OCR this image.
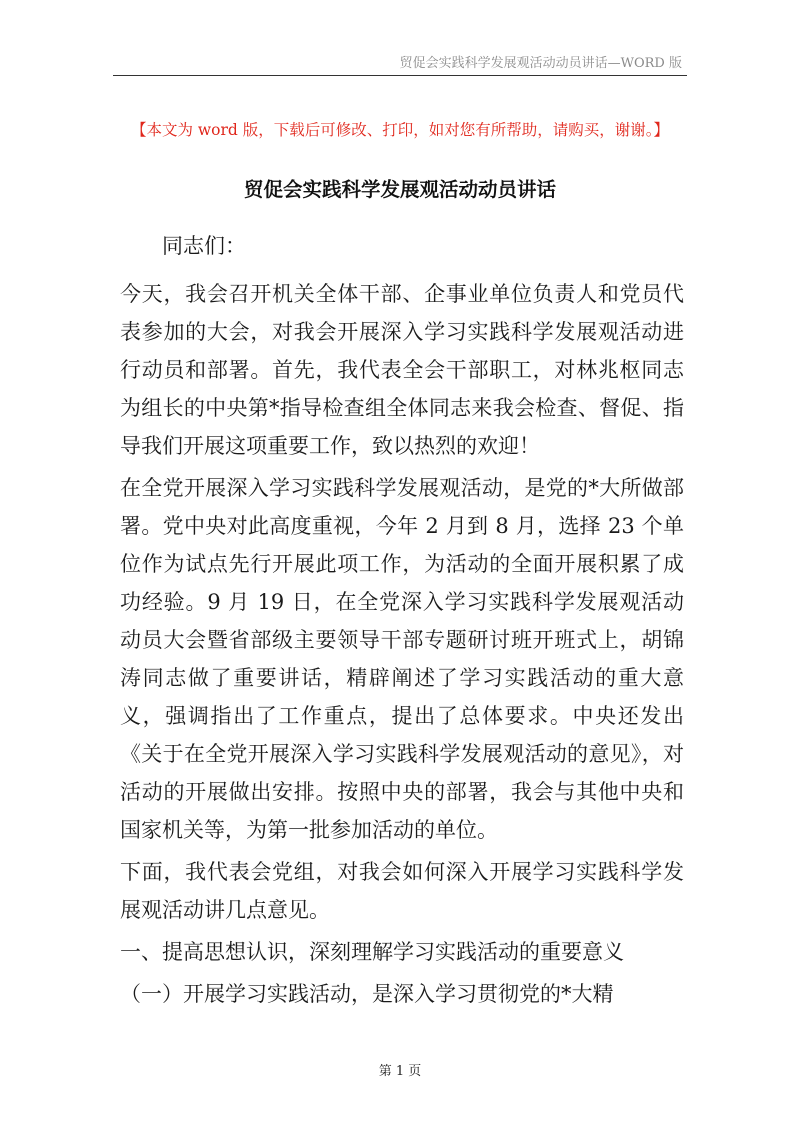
贸促会实践科学发展观活动动员讲话—WORD 版
【本文为 word 版，下载后可修改、打印，如对您有所帮助，请购买，谢谢。】
贸促会实践科学发展观活动动员讲话

同志们：

今天，我会召开机关全体干部、企事业单位负责人和党员代表参加的大会，对我会开展深入学习实践科学发展观活动进行动员和部署。首先，我代表全会干部职工，对林兆枢同志为组长的中央第*指导检查组全体同志来我会检查、督促、指导我们开展这项重要工作，致以热烈的欢迎！

在全党开展深入学习实践科学发展观活动，是党的*大所做部署。党中央对此高度重视，今年 2 月到 8 月，选择 23 个单位作为试点先行开展此项工作，为活动的全面开展积累了成功经验。9 月 19 日，在全党深入学习实践科学发展观活动动员大会暨省部级主要领导干部专题研讨班开班式上，胡锦涛同志做了重要讲话，精辟阐述了学习实践活动的重大意义，强调指出了工作重点，提出了总体要求。中央还发出《关于在全党开展深入学习实践科学发展观活动的意见》，对活动的开展做出安排。按照中央的部署，我会与其他中央和国家机关等，为第一批参加活动的单位。

下面，我代表会党组，对我会如何深入开展学习实践科学发展观活动讲几点意见。

一、提高思想认识，深刻理解学习实践活动的重要意义

（一）开展学习实践活动，是深入学习贯彻党的*大精

第 1 页
